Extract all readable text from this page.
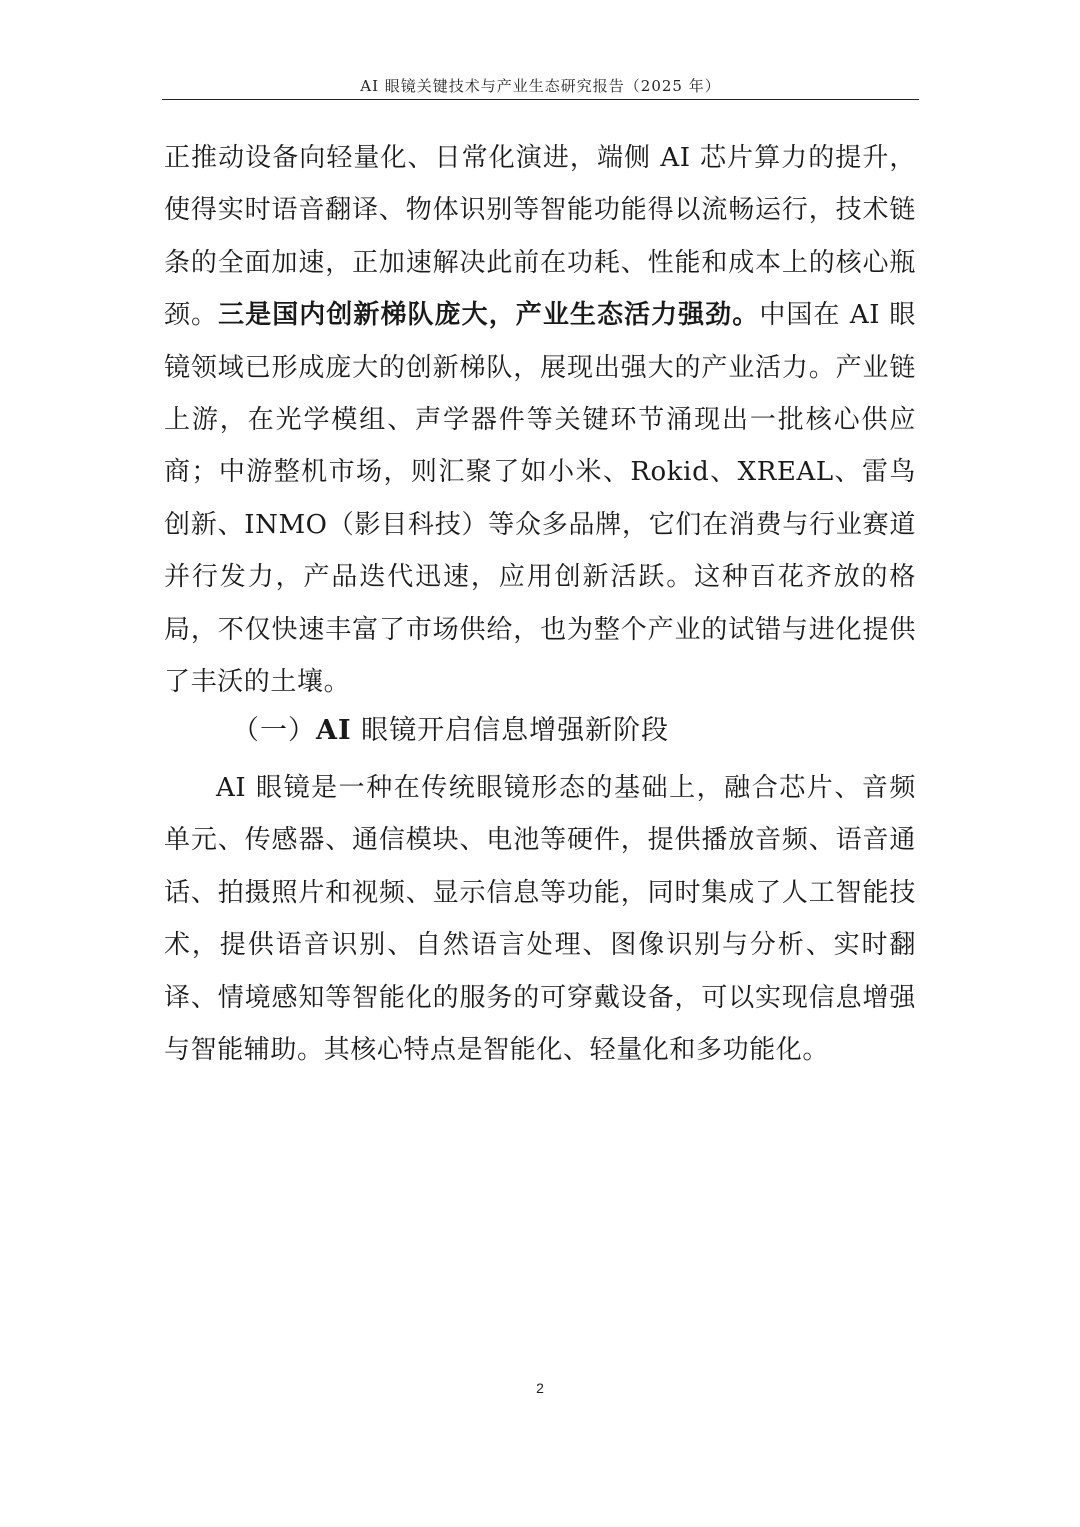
AI 眼镜关键技术与产业生态研究报告（2025 年）

正推动设备向轻量化、日常化演进，端侧 AI 芯片算力的提升，使得实时语音翻译、物体识别等智能功能得以流畅运行，技术链条的全面加速，正加速解决此前在功耗、性能和成本上的核心瓶颈。三是国内创新梯队庞大，产业生态活力强劲。中国在 AI 眼镜领域已形成庞大的创新梯队，展现出强大的产业活力。产业链上游，在光学模组、声学器件等关键环节涌现出一批核心供应商；中游整机市场，则汇聚了如小米、Rokid、XREAL、雷鸟创新、INMO（影目科技）等众多品牌，它们在消费与行业赛道并行发力，产品迭代迅速，应用创新活跃。这种百花齐放的格局，不仅快速丰富了市场供给，也为整个产业的试错与进化提供了丰沃的土壤。

（一）AI 眼镜开启信息增强新阶段

AI 眼镜是一种在传统眼镜形态的基础上，融合芯片、音频单元、传感器、通信模块、电池等硬件，提供播放音频、语音通话、拍摄照片和视频、显示信息等功能，同时集成了人工智能技术，提供语音识别、自然语言处理、图像识别与分析、实时翻译、情境感知等智能化的服务的可穿戴设备，可以实现信息增强与智能辅助。其核心特点是智能化、轻量化和多功能化。

2
